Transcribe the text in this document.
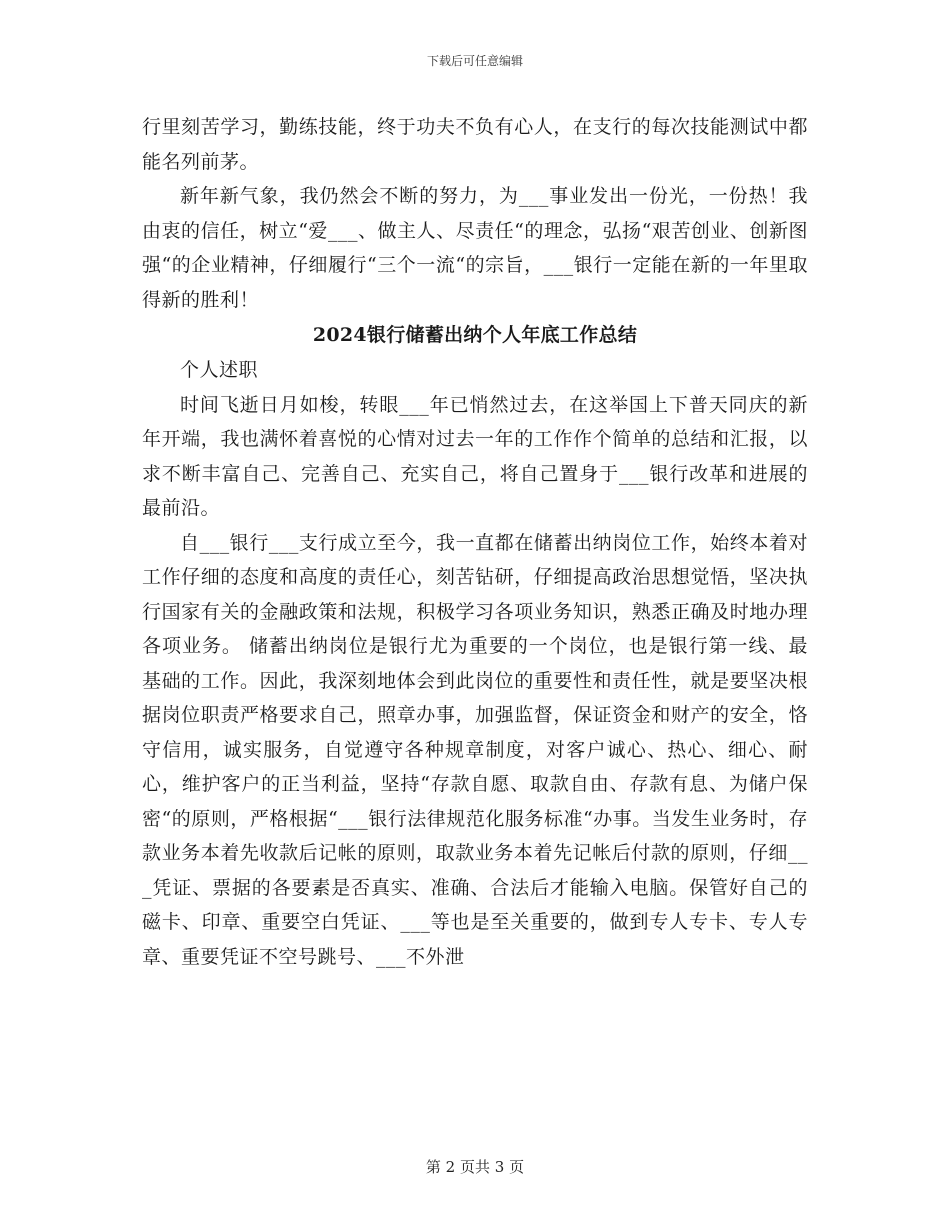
下载后可任意编辑

行里刻苦学习，勤练技能，终于功夫不负有心人，在支行的每次技能测试中都能名列前茅。

新年新气象，我仍然会不断的努力，为___事业发出一份光，一份热！我由衷的信任，树立“爱___、做主人、尽责任“的理念，弘扬“艰苦创业、创新图强“的企业精神，仔细履行“三个一流“的宗旨，___银行一定能在新的一年里取得新的胜利！

2024银行储蓄出纳个人年底工作总结

个人述职

时间飞逝日月如梭，转眼___年已悄然过去，在这举国上下普天同庆的新年开端，我也满怀着喜悦的心情对过去一年的工作作个简单的总结和汇报，以求不断丰富自己、完善自己、充实自己，将自己置身于___银行改革和进展的最前沿。

自___银行___支行成立至今，我一直都在储蓄出纳岗位工作，始终本着对工作仔细的态度和高度的责任心，刻苦钻研，仔细提高政治思想觉悟，坚决执行国家有关的金融政策和法规，积极学习各项业务知识，熟悉正确及时地办理各项业务。 储蓄出纳岗位是银行尤为重要的一个岗位，也是银行第一线、最基础的工作。因此，我深刻地体会到此岗位的重要性和责任性，就是要坚决根据岗位职责严格要求自己，照章办事，加强监督，保证资金和财产的安全，恪守信用，诚实服务，自觉遵守各种规章制度，对客户诚心、热心、细心、耐心，维护客户的正当利益，坚持“存款自愿、取款自由、存款有息、为储户保密“的原则，严格根据“___银行法律规范化服务标准“办事。当发生业务时，存款业务本着先收款后记帐的原则，取款业务本着先记帐后付款的原则，仔细___凭证、票据的各要素是否真实、准确、合法后才能输入电脑。保管好自己的磁卡、印章、重要空白凭证、___等也是至关重要的，做到专人专卡、专人专章、重要凭证不空号跳号、___不外泄

第 2 页共 3 页
